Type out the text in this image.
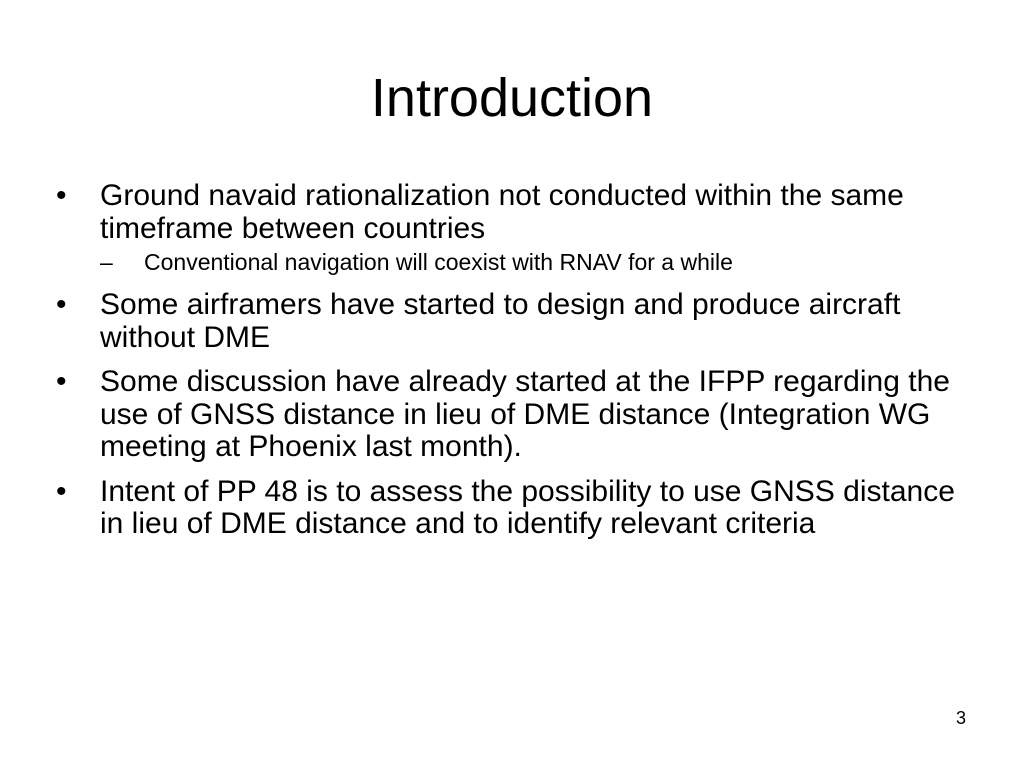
Introduction
•	Ground navaid rationalization not conducted within the same timeframe between countries
–	Conventional navigation will coexist with RNAV for a while
•	Some airframers have started to design and produce aircraft without DME
•	Some discussion have already started at the IFPP regarding the use of GNSS distance in lieu of DME distance (Integration WG meeting at Phoenix last month).
•	Intent of PP 48 is to assess the possibility to use GNSS distance in lieu of DME distance and to identify relevant criteria
3
